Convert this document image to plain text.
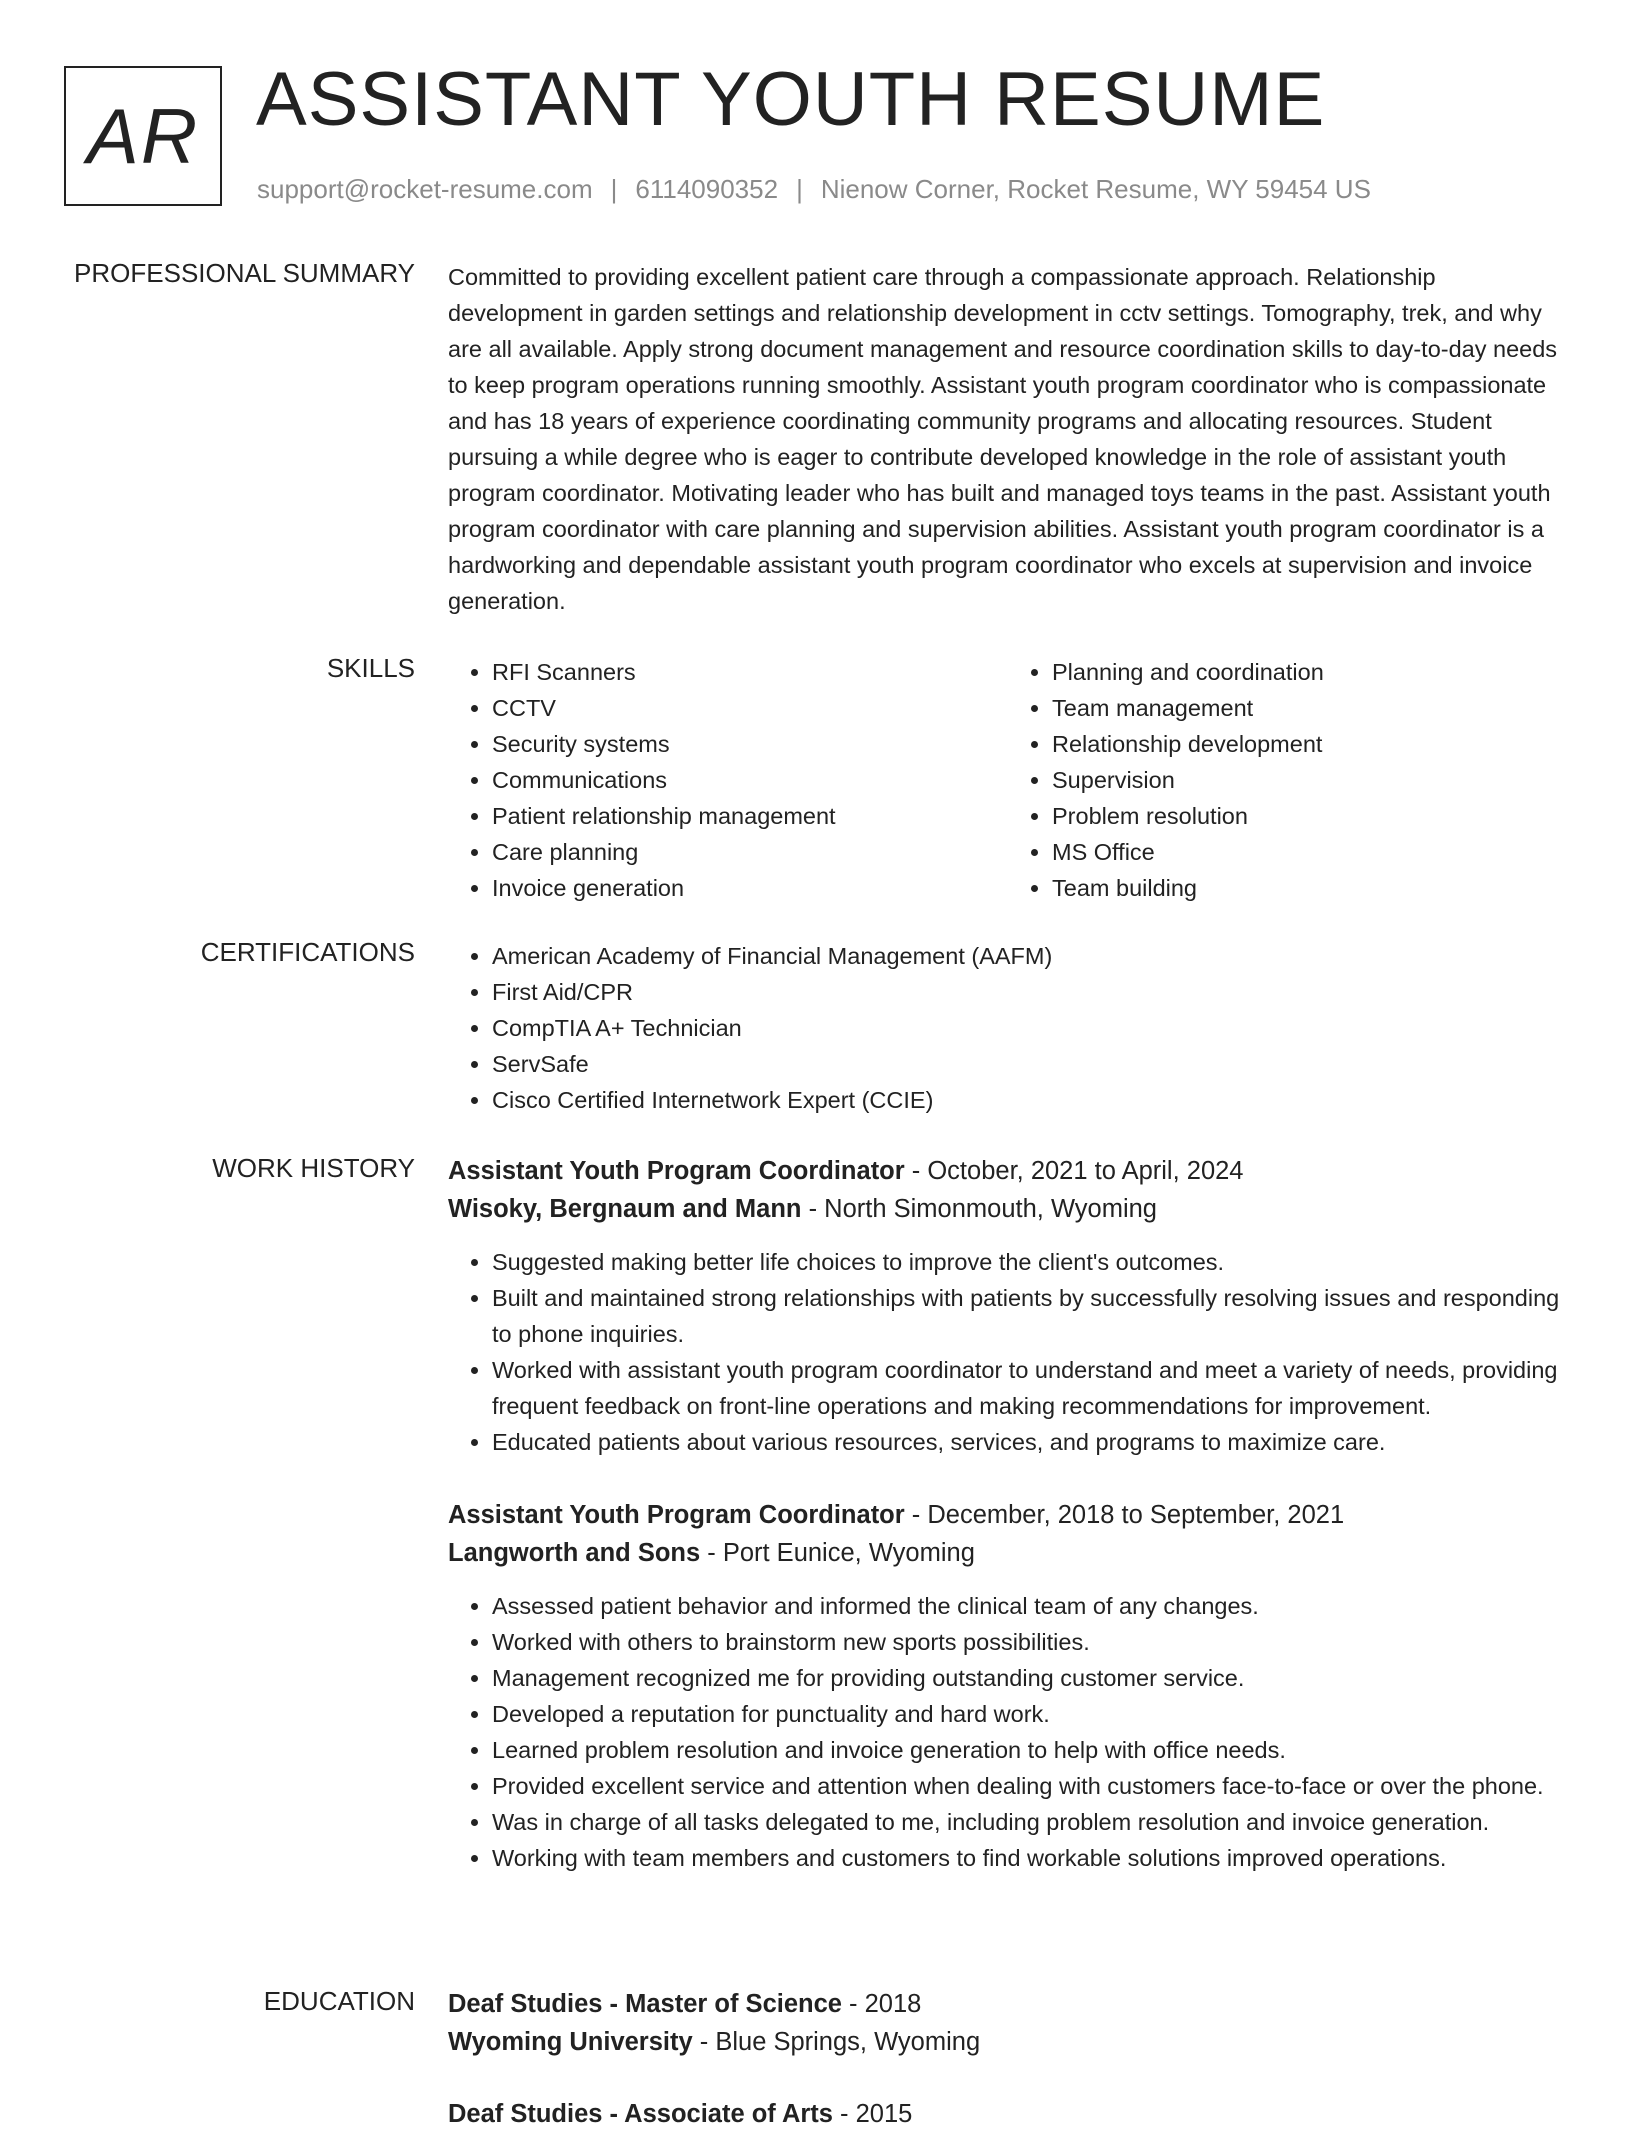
AR ASSISTANT YOUTH RESUME
support@rocket-resume.com | 6114090352 | Nienow Corner, Rocket Resume, WY 59454 US
PROFESSIONAL SUMMARY Committed to providing excellent patient care through a compassionate approach. Relationship development in garden settings and relationship development in cctv settings. Tomography, trek, and why are all available. Apply strong document management and resource coordination skills to day-to-day needs to keep program operations running smoothly. Assistant youth program coordinator who is compassionate and has 18 years of experience coordinating community programs and allocating resources. Student pursuing a while degree who is eager to contribute developed knowledge in the role of assistant youth program coordinator. Motivating leader who has built and managed toys teams in the past. Assistant youth program coordinator with care planning and supervision abilities. Assistant youth program coordinator is a hardworking and dependable assistant youth program coordinator who excels at supervision and invoice generation.

SKILLS	• RFI Scanners
• CCTV
• Security systems
• Communications
• Patient relationship management
• Care planning
• Invoice generation
• Planning and coordination
• Team management
• Relationship development
• Supervision
• Problem resolution
• MS Office
• Team building
CERTIFICATIONS	• American Academy of Financial Management (AAFM)
• First Aid/CPR
• CompTIA A+ Technician
• ServSafe
• Cisco Certified Internetwork Expert (CCIE)
WORK HISTORY Assistant Youth Program Coordinator - October, 2021 to April, 2024
Wisoky, Bergnaum and Mann - North Simonmouth, Wyoming
• Suggested making better life choices to improve the client's outcomes.
• Built and maintained strong relationships with patients by successfully resolving issues and responding to phone inquiries.
• Worked with assistant youth program coordinator to understand and meet a variety of needs, providing frequent feedback on front-line operations and making recommendations for improvement.
• Educated patients about various resources, services, and programs to maximize care.
Assistant Youth Program Coordinator - December, 2018 to September, 2021
Langworth and Sons - Port Eunice, Wyoming
• Assessed patient behavior and informed the clinical team of any changes.
• Worked with others to brainstorm new sports possibilities.
• Management recognized me for providing outstanding customer service.
• Developed a reputation for punctuality and hard work.
• Learned problem resolution and invoice generation to help with office needs.
• Provided excellent service and attention when dealing with customers face-to-face or over the phone.
• Was in charge of all tasks delegated to me, including problem resolution and invoice generation.
• Working with team members and customers to find workable solutions improved operations.
EDUCATION Deaf Studies - Master of Science - 2018
Wyoming University - Blue Springs, Wyoming
Deaf Studies - Associate of Arts - 2015
